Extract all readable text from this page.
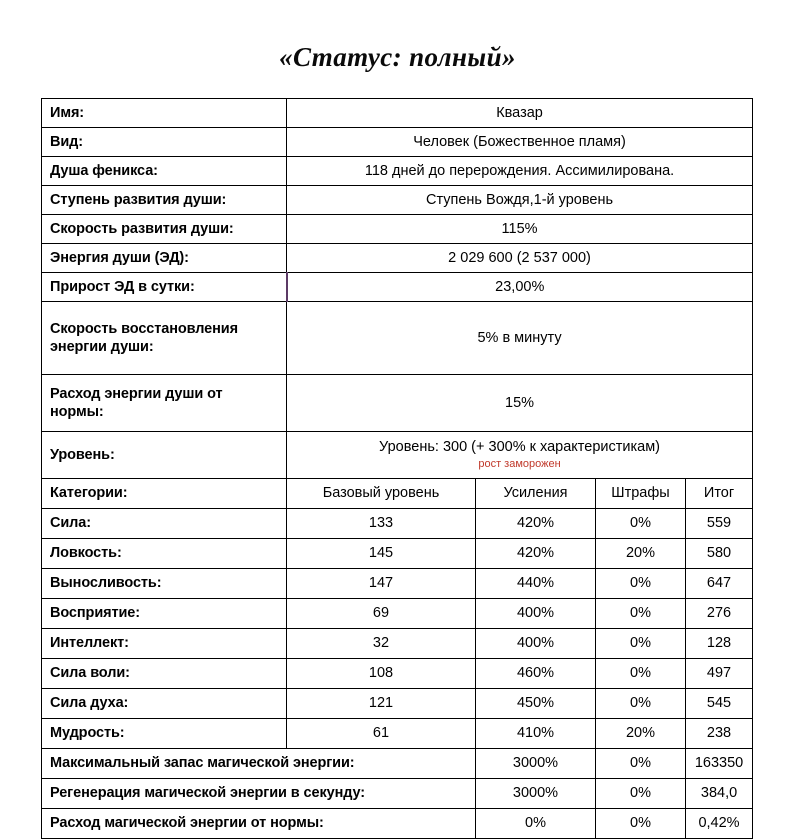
«Статус: полный»
Имя:	Квазар			
Вид:	Человек (Божественное пламя)			
Душа феникса:	118 дней до перерождения. Ассимилирована.			
Ступень развития души:	Ступень Вождя,1-й уровень			
Скорость развития души:	115%			
Энергия души (ЭД):	2 029 600 (2 537 000)			
Прирост ЭД в сутки:	23,00%			
Скорость восстановления энергии души:	5% в минуту			
Расход энергии души от нормы:	15%			
Уровень:	Уровень: 300 (+ 300% к характеристикам)
рост заморожен			

Категории:	Базовый уровень	Усиления	Штрафы	Итог
Сила:	133	420%	0%	559
Ловкость:	145	420%	20%	580
Выносливость:	147	440%	0%	647
Восприятие:	69	400%	0%	276
Интеллект:	32	400%	0%	128
Сила воли:	108	460%	0%	497
Сила духа:	121	450%	0%	545
Мудрость:	61	410%	20%	238
Максимальный запас магической энергии:		3000%	0%	163350
Регенерация магической энергии в секунду:		3000%	0%	384,0
Расход магической энергии от нормы:		0%	0%	0,42%
